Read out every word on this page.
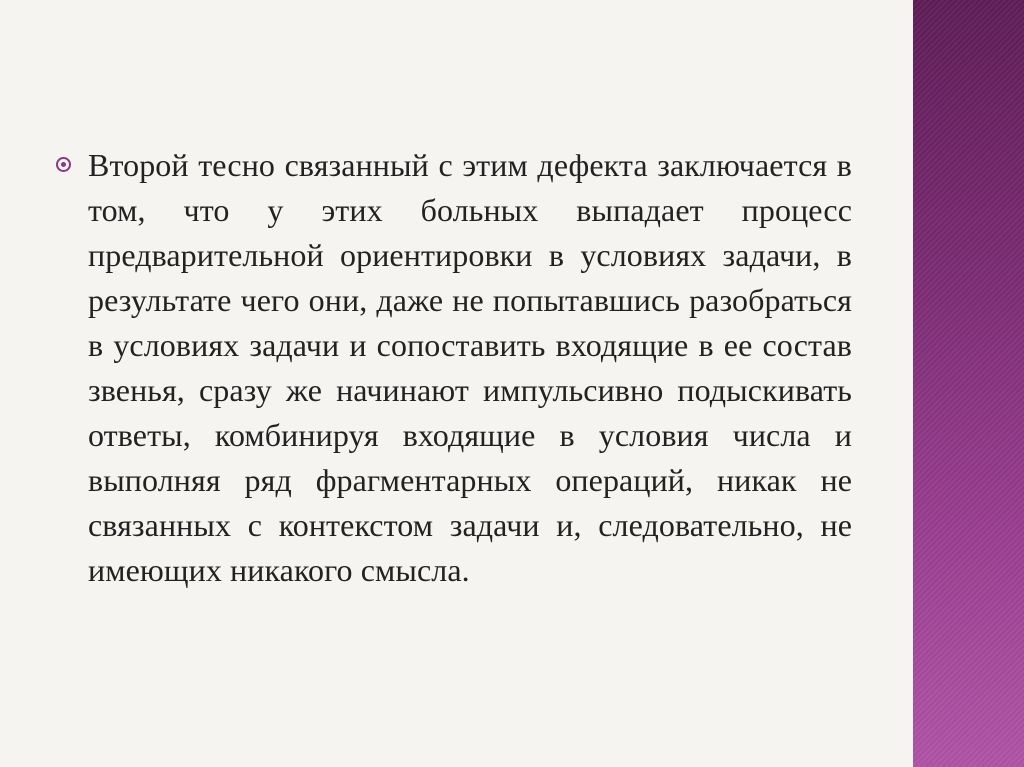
Второй тесно связанный с этим дефекта заключается в том, что у этих больных выпадает процесс предварительной ориентировки в условиях задачи, в результате чего они, даже не попытавшись разобраться в условиях задачи и сопоставить входящие в ее состав звенья, сразу же начинают импульсивно подыскивать ответы, комбинируя входящие в условия числа и выполняя ряд фрагментарных операций, никак не связанных с контекстом задачи и, следовательно, не имеющих никакого смысла.
